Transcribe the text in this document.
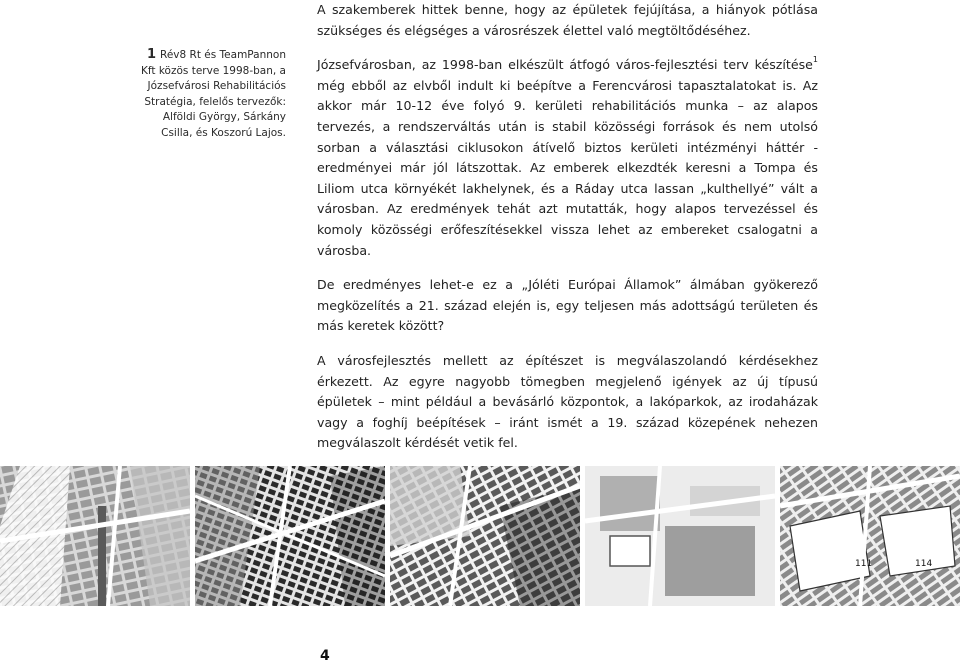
1 Rév8 Rt és TeamPannon Kft közös terve 1998-ban, a Józsefvárosi Rehabilitációs Stratégia, felelős tervezők: Alföldi György, Sárkány Csilla, és Koszorú Lajos.

A szakemberek hittek benne, hogy az épületek fejújítása, a hiányok pótlása szükséges és elégséges a városrészek élettel való megtöltődéséhez.

Józsefvárosban, az 1998-ban elkészült átfogó város-fejlesztési terv készítése$^1$ még ebből az elvből indult ki beépítve a Ferencvárosi tapasztalatokat is. Az akkor már 10-12 éve folyó 9. kerületi rehabilitációs munka – az alapos tervezés, a rendszerváltás után is stabil közösségi források és nem utolsó sorban a választási ciklusokon átívelő biztos kerületi intézményi háttér - eredményei már jól látszottak. Az emberek elkezdték keresni a Tompa és Liliom utca környékét lakhelynek, és a Ráday utca lassan „kulthellyé” vált a városban. Az eredmények tehát azt mutatták, hogy alapos tervezéssel és komoly közösségi erőfeszítésekkel vissza lehet az embereket csalogatni a városba.

De eredményes lehet-e ez a „Jóléti Európai Államok” álmában gyökerező megközelítés a 21. század elején is, egy teljesen más adottságú területen és más keretek között?

A városfejlesztés mellett az építészet is megválaszolandó kérdésekhez érkezett. Az egyre nagyobb tömegben megjelenő igények az új típusú épületek – mint például a bevásárló központok, a lakóparkok, az irodaházak vagy a foghíj beépítések – iránt ismét a 19. század közepének nehezen megválaszolt kérdését vetik fel.

111	114
4
